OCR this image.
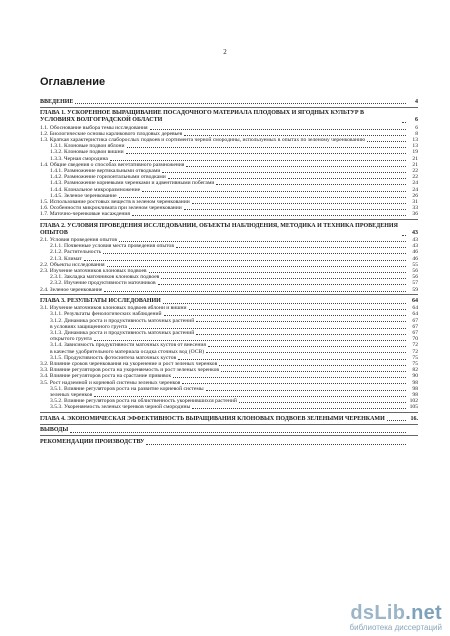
2
Оглавление
ВВЕДЕНИЕ	4
ГЛАВА 1. УСКОРЕННОЕ ВЫРАЩИВАНИЕ ПОСАДОЧНОГО МАТЕРИАЛА ПЛОДОВЫХ И ЯГОДНЫХ КУЛЬТУР В УСЛОВИЯХ ВОЛГОГРАДСКОЙ ОБЛАСТИ	6
1.1. Обоснование выбора темы исследования	6
1.2. Биологические основы карликового плодовых деревьев	8
1.3. Краткая характеристика слаборослых подвоев и сортимента черной смородины, используемых в опытах по зеленому черенкованию	13
1.3.1. Клоновые подвои яблони	13
1.3.2. Клоновые подвои вишни	19
1.3.3. Черная смородина	21
1.4. Общие сведения о способах вегетативного размножения	21
1.4.1. Размножение вертикальными отводками	22
1.4.2. Размножение горизонтальными отводками	22
1.4.3. Размножение корневыми черенками и адвентивными побегами	24
1.4.4. Клональное микроразмножение	24
1.4.5. Зеленое черенкование	26
1.5. Использование ростовых веществ в зеленом черенковании	31
1.6. Особенности микроклимата при зеленом черенковании	33
1.7. Маточно-черенковые насаждения	36
ГЛАВА 2. УСЛОВИЯ ПРОВЕДЕНИЯ ИССЛЕДОВАНИЙ, ОБЪЕКТЫ НАБЛЮДЕНИЯ, МЕТОДИКА И ТЕХНИКА ПРОВЕДЕНИЯ ОПЫТОВ	43
2.1. Условия проведения опытов	43
2.1.1. Почвенные условия места проведения опытов	43
2.1.2. Растительность	46
2.1.3. Климат	46
2.2. Объекты исследования	55
2.3. Изучение маточников клоновых подвоев	56
2.3.1. Закладка маточников клоновых подвоев	56
2.3.2. Изучение продуктивности маточников	57
2.4. Зеленое черенкование	59
ГЛАВА 3. РЕЗУЛЬТАТЫ ИССЛЕДОВАНИЙ	64
3.1. Изучение маточников клоновых подвоев яблони и вишни	64
3.1.1. Результаты фенологических наблюдений	64
3.1.2. Динамика роста и продуктивность маточных растений	67
в условиях защищенного грунта	67
3.1.3. Динамика роста и продуктивность маточных растений	67
открытого грунта	70
3.1.4. Зависимость продуктивности маточных кустов от внесения	72
в качестве удобрительного материала осадка сточных вод (ОСВ)	72
3.1.5. Продуктивность фотосинтеза маточных кустов	75
3.2. Влияние сроков черенкования на укоренение и рост зеленых черенков	75
3.3. Влияние регуляторов роста на укореняемость и рост зеленых черенков	82
3.4. Влияние регуляторов роста на срастание прививок	90
3.5. Рост надземной и корневой системы зеленых черенков	98
3.5.1. Влияние регуляторов роста на развитие корневой системы	98
зеленых черенков	98
3.5.2. Влияние регуляторов роста на облиственность укоренившихся растений	102
3.5.3. Укореняемость зеленых черенков черной смородины	105
ГЛАВА 4. ЭКОНОМИЧЕСКАЯ ЭФФЕКТИВНОСТЬ ВЫРАЩИВАНИЯ КЛОНОВЫХ ПОДВОЕВ ЗЕЛЕНЫМИ ЧЕРЕНКАМИ	16.
ВЫВОДЫ
РЕКОМЕНДАЦИИ ПРОИЗВОДСТВУ
dsLib.net
библиотека диссертаций
